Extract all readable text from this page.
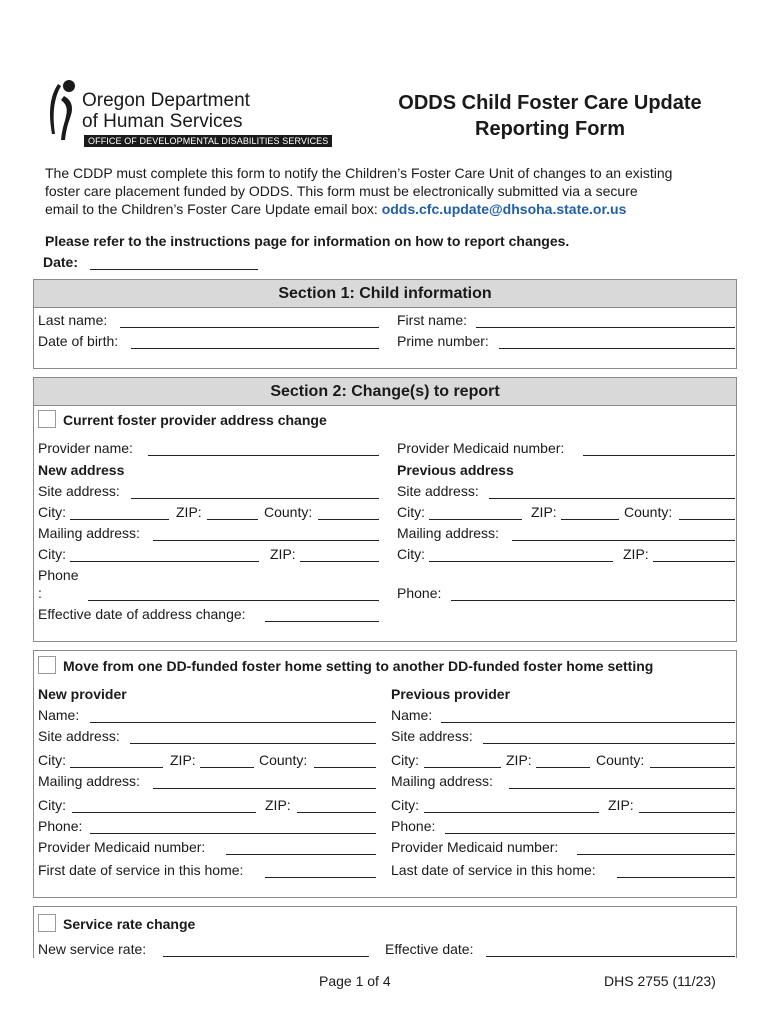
Oregon Department
of Human Services
OFFICE OF DEVELOPMENTAL DISABILITIES SERVICES
ODDS Child Foster Care Update
Reporting Form
The CDDP must complete this form to notify the Children’s Foster Care Unit of changes to an existing
foster care placement funded by ODDS. This form must be electronically submitted via a secure
email to the Children’s Foster Care Update email box: odds.cfc.update@dhsoha.state.or.us
Please refer to the instructions page for information on how to report changes.
Date:
Section 1: Child information
Last name:	First name:
Date of birth:	Prime number:
Section 2: Change(s) to report
Current foster provider address change
Provider name:	Provider Medicaid number:
New address	Previous address
Site address:	Site address:
City:	ZIP:	County:	City:	ZIP:	County:
Mailing address:	Mailing address:
City:	ZIP:	City:	ZIP:
Phone
:	Phone:
Effective date of address change:
Move from one DD-funded foster home setting to another DD-funded foster home setting
New provider	Previous provider
Name:	Name:
Site address:	Site address:
City:	ZIP:	County:	City:	ZIP:	County:
Mailing address:	Mailing address:
City:	ZIP:	City:	ZIP:
Phone:	Phone:
Provider Medicaid number:	Provider Medicaid number:
First date of service in this home:	Last date of service in this home:
Service rate change
New service rate:	Effective date:
Page 1 of 4	DHS 2755 (11/23)
